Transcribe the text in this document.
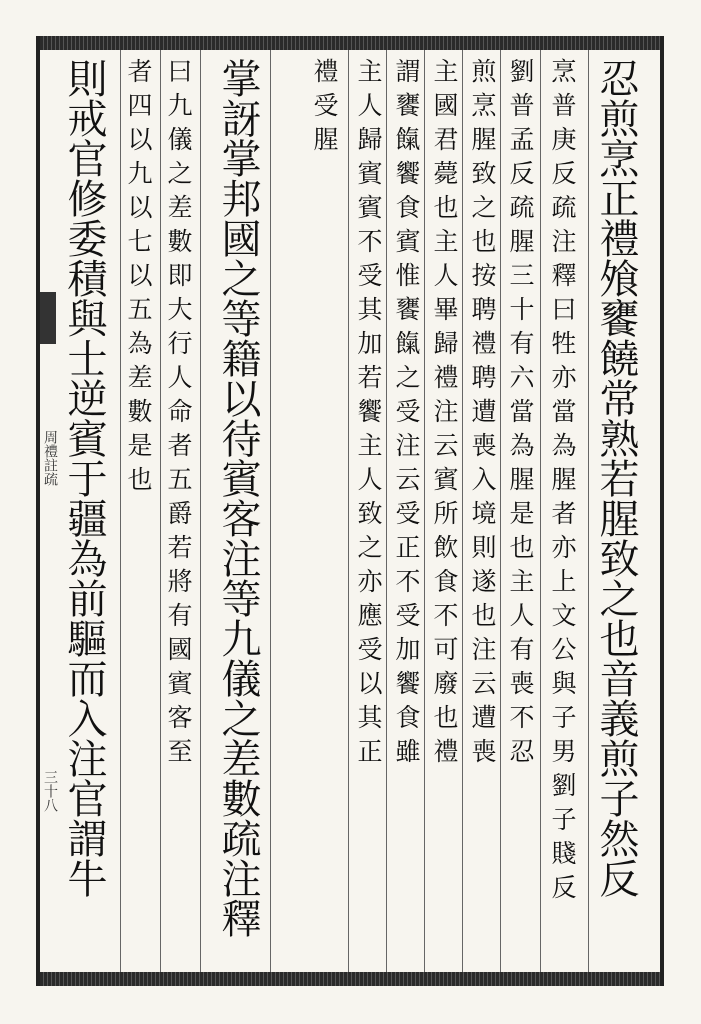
周禮註疏
三十八	忍煎烹正禮飧饔饒常熟若腥致之也音義煎子然反
烹普庚反疏注釋曰牲亦當為腥者亦上文公與子男劉子賤反
劉普孟反疏腥三十有六當為腥是也主人有喪不忍
煎烹腥致之也按聘禮聘遭喪入境則遂也注云遭喪
主國君薨也主人畢歸禮注云賓所飲食不可廢也禮
謂饔餼饗食賓惟饔餼之受注云受正不受加饗食雖
主人歸賓賓不受其加若饗主人致之亦應受以其正
禮受腥
掌訝掌邦國之等籍以待賓客注等九儀之差數疏注釋
曰九儀之差數即大行人命者五爵若將有國賓客至
者四以九以七以五為差數是也
則戒官修委積與士逆賓于疆為前驅而入注官謂牛
